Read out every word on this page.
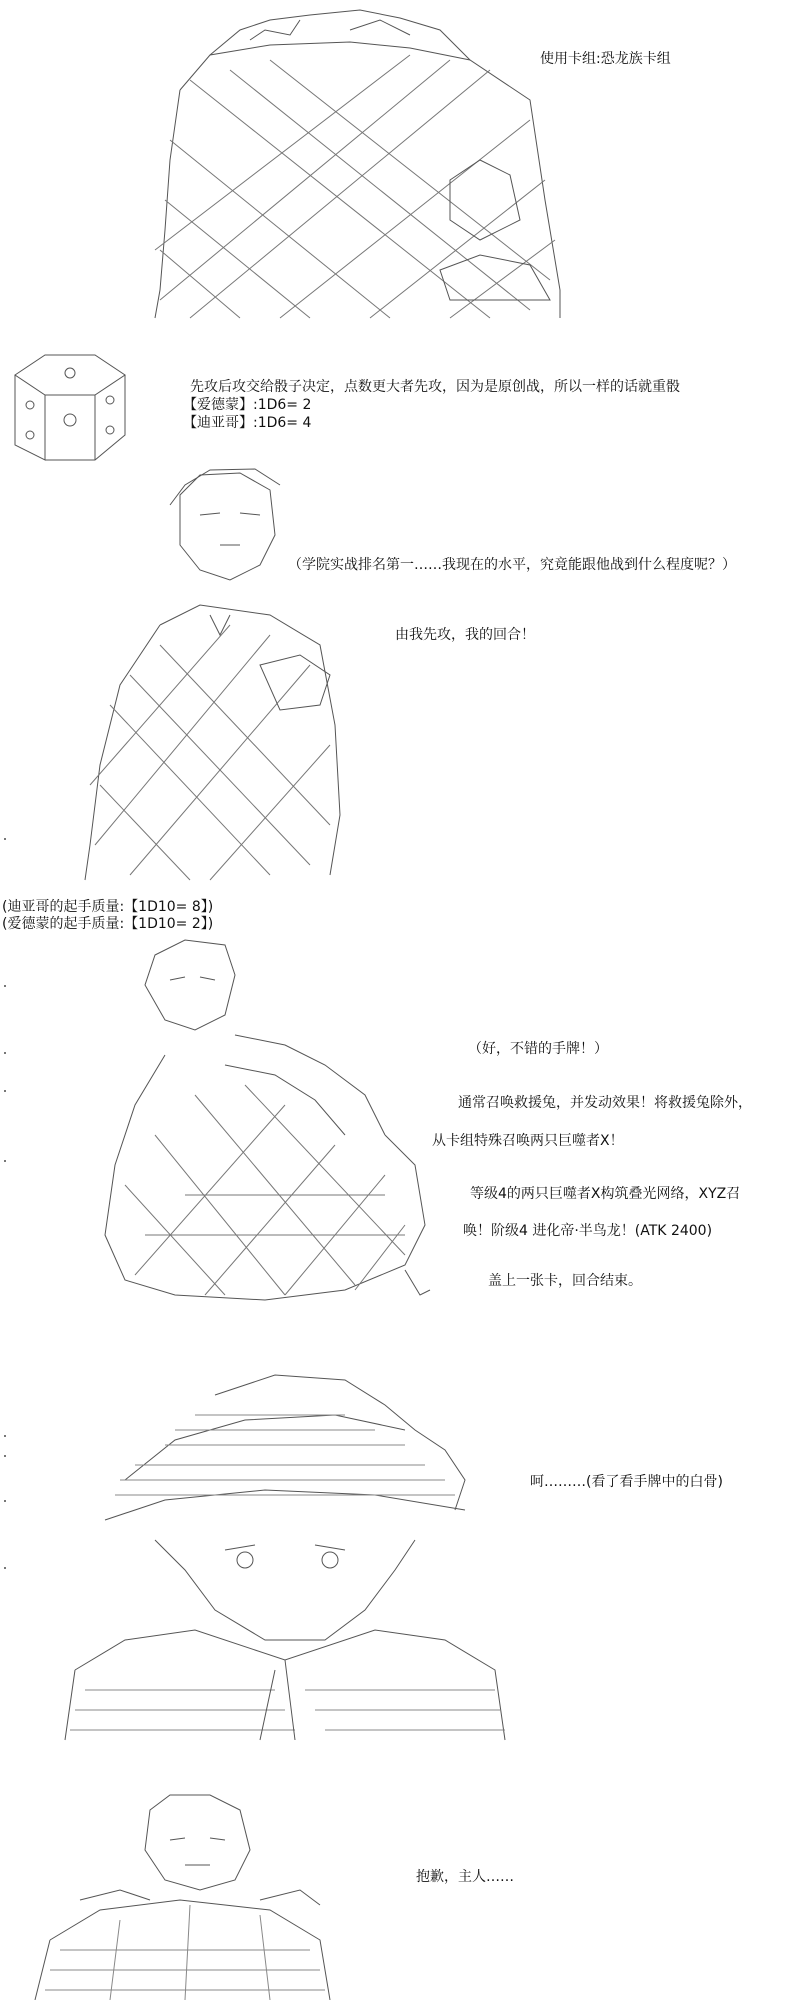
使用卡组:恐龙族卡组
先攻后攻交给骰子决定，点数更大者先攻，因为是原创战，所以一样的话就重骰
【爱德蒙】:1D6= 2
【迪亚哥】:1D6= 4
（学院实战排名第一……我现在的水平，究竟能跟他战到什么程度呢？）
由我先攻，我的回合！
(迪亚哥的起手质量:【1D10= 8】)
(爱德蒙的起手质量:【1D10= 2】)
（好，不错的手牌！）
通常召唤救援兔，并发动效果！将救援兔除外，
从卡组特殊召唤两只巨噬者X！
等级4的两只巨噬者X构筑叠光网络，XYZ召
唤！阶级4 进化帝·半鸟龙！(ATK 2400)
盖上一张卡，回合结束。
呵………(看了看手牌中的白骨)
抱歉，主人……
